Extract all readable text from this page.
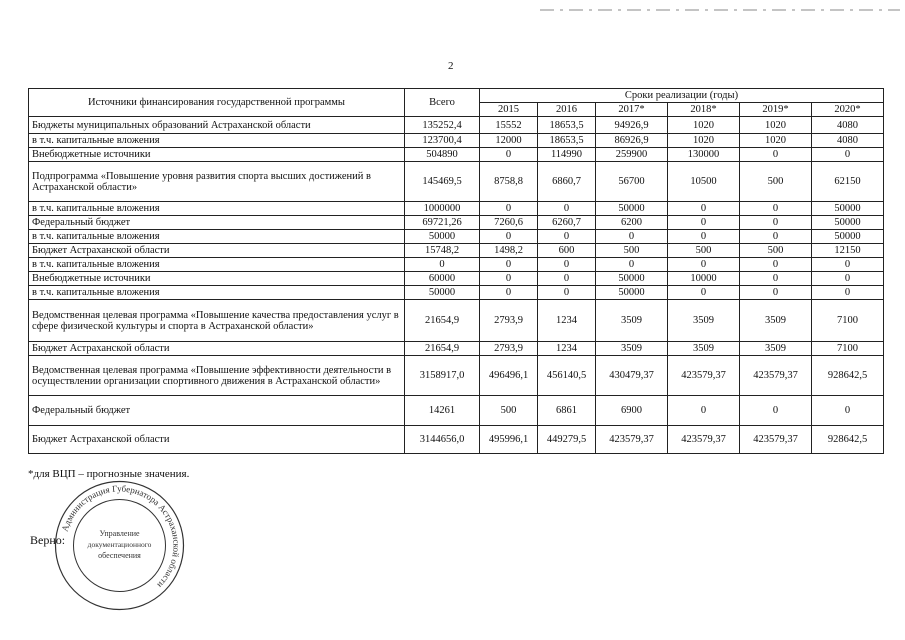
2
Источники финансирования государственной программы	Всего	Сроки реализации (годы)					
		2015	2016	2017*	2018*	2019*	2020*
Бюджеты муниципальных образований Астраханской области	135252,4	15552	18653,5	94926,9	1020	1020	4080
в т.ч. капитальные вложения	123700,4	12000	18653,5	86926,9	1020	1020	4080
Внебюджетные источники	504890	0	114990	259900	130000	0	0
Подпрограмма «Повышение уровня развития спорта высших достижений в Астраханской области»	145469,5	8758,8	6860,7	56700	10500	500	62150
в т.ч. капитальные вложения	1000000	0	0	50000	0	0	50000
Федеральный бюджет	69721,26	7260,6	6260,7	6200	0	0	50000
в т.ч. капитальные вложения	50000	0	0	0	0	0	50000
Бюджет Астраханской области	15748,2	1498,2	600	500	500	500	12150
в т.ч. капитальные вложения	0	0	0	0	0	0	0
Внебюджетные источники	60000	0	0	50000	10000	0	0
в т.ч. капитальные вложения	50000	0	0	50000	0	0	0
Ведомственная целевая программа «Повышение качества предоставления услуг в сфере физической культуры и спорта в Астраханской области»	21654,9	2793,9	1234	3509	3509	3509	7100
Бюджет Астраханской области	21654,9	2793,9	1234	3509	3509	3509	7100
Ведомственная целевая программа «Повышение эффективности деятельности в осуществлении организации спортивного движения в Астраханской области»	3158917,0	496496,1	456140,5	430479,37	423579,37	423579,37	928642,5
Федеральный бюджет	14261	500	6861	6900	0	0	0
Бюджет Астраханской области	3144656,0	495996,1	449279,5	423579,37	423579,37	423579,37	928642,5
*для ВЦП – прогнозные значения.
Администрация Губернатора Астраханской области
Управление
документационного
обеспечения
Верно:
